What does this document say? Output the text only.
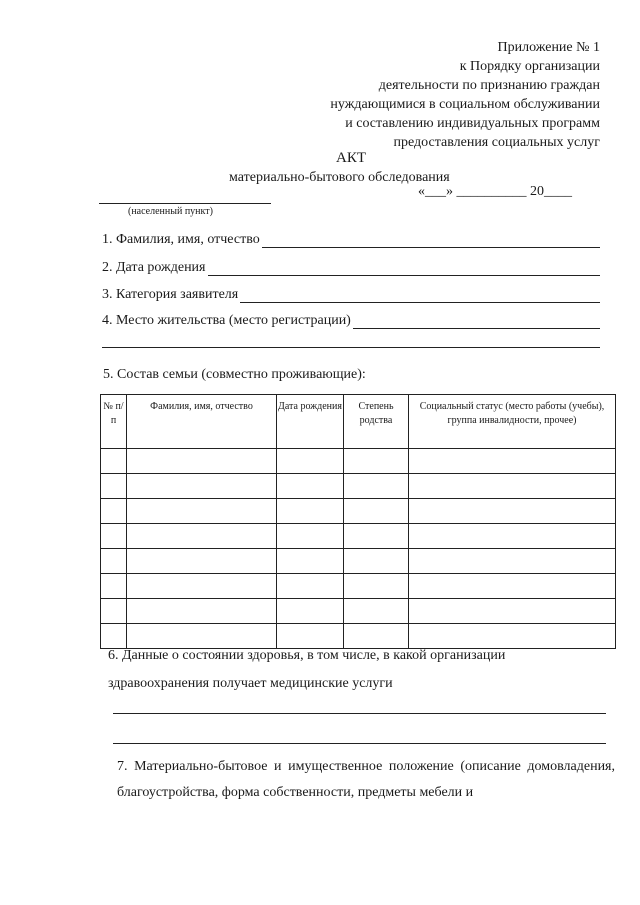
Приложение № 1
к Порядку организации
деятельности по признанию граждан
нуждающимися в социальном обслуживании
и составлению индивидуальных программ
предоставления социальных услуг
АКТ
материально-бытового обследования
«___» __________ 20____
(населенный пункт)
1. Фамилия, имя, отчество
2. Дата рождения
3. Категория заявителя
4. Место жительства (место регистрации)
5. Состав семьи (совместно проживающие):
№ п/п	Фамилия, имя, отчество	Дата рождения	Степень родства	Социальный статус (место работы (учебы), группа инвалидности, прочее)

6. Данные о состоянии здоровья, в том числе, в какой организации
здравоохранения получает медицинские услуги
7. Материально-бытовое и имущественное положение (описание домовладения, благоустройства, форма собственности, предметы мебели и
